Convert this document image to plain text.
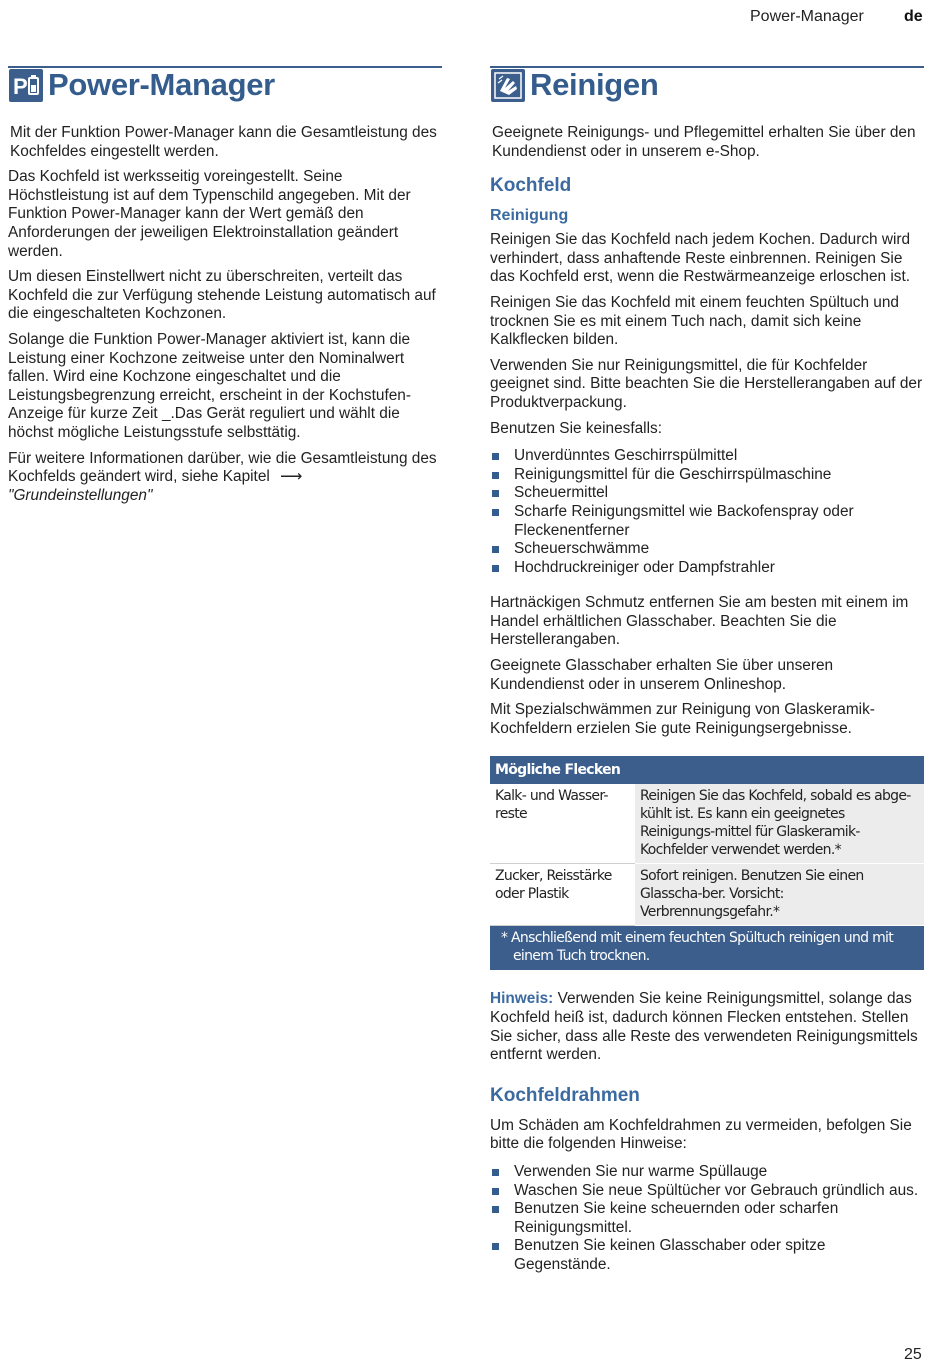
Power-Manager	de
P Power-Manager

Mit der Funktion Power-Manager kann die Gesamtleistung des Kochfeldes eingestellt werden.

Das Kochfeld ist werksseitig voreingestellt. Seine Höchstleistung ist auf dem Typenschild angegeben. Mit der Funktion Power-Manager kann der Wert gemäß den Anforderungen der jeweiligen Elektroinstallation geändert werden.

Um diesen Einstellwert nicht zu überschreiten, verteilt das Kochfeld die zur Verfügung stehende Leistung automatisch auf die eingeschalteten Kochzonen.

Solange die Funktion Power-Manager aktiviert ist, kann die Leistung einer Kochzone zeitweise unter den Nominalwert fallen. Wird eine Kochzone eingeschaltet und die Leistungsbegrenzung erreicht, erscheint in der Kochstufen-Anzeige für kurze Zeit _.Das Gerät reguliert und wählt die höchst mögliche Leistungsstufe selbsttätig.

Für weitere Informationen darüber, wie die Gesamtleistung des Kochfelds geändert wird, siehe Kapitel ⟶ "Grundeinstellungen"

Reinigen

Geeignete Reinigungs- und Pflegemittel erhalten Sie über den Kundendienst oder in unserem e-Shop.

Kochfeld
Reinigung

Reinigen Sie das Kochfeld nach jedem Kochen. Dadurch wird verhindert, dass anhaftende Reste einbrennen. Reinigen Sie das Kochfeld erst, wenn die Restwärmeanzeige erloschen ist.

Reinigen Sie das Kochfeld mit einem feuchten Spültuch und trocknen Sie es mit einem Tuch nach, damit sich keine Kalkflecken bilden.

Verwenden Sie nur Reinigungsmittel, die für Kochfelder geeignet sind. Bitte beachten Sie die Herstellerangaben auf der Produktverpackung.

Benutzen Sie keinesfalls:

Unverdünntes Geschirrspülmittel
Reinigungsmittel für die Geschirrspülmaschine
Scheuermittel
Scharfe Reinigungsmittel wie Backofenspray oder Fleckenentferner
Scheuerschwämme
Hochdruckreiniger oder Dampfstrahler

Hartnäckigen Schmutz entfernen Sie am besten mit einem im Handel erhältlichen Glasschaber. Beachten Sie die Herstellerangaben.

Geeignete Glasschaber erhalten Sie über unseren Kundendienst oder in unserem Onlineshop.

Mit Spezialschwämmen zur Reinigung von Glaskeramik-Kochfeldern erzielen Sie gute Reinigungsergebnisse.

Mögliche Flecken	
Kalk- und Wasser-reste	Reinigen Sie das Kochfeld, sobald es abge-kühlt ist. Es kann ein geeignetes Reinigungs-mittel für Glaskeramik-Kochfelder verwendet werden.*
Zucker, Reisstärke oder Plastik	Sofort reinigen. Benutzen Sie einen Glasscha-ber. Vorsicht: Verbrennungsgefahr.*

* Anschließend mit einem feuchten Spültuch reinigen und mit einem Tuch trocknen.	

Hinweis: Verwenden Sie keine Reinigungsmittel, solange das Kochfeld heiß ist, dadurch können Flecken entstehen. Stellen Sie sicher, dass alle Reste des verwendeten Reinigungsmittels entfernt werden.

Kochfeldrahmen

Um Schäden am Kochfeldrahmen zu vermeiden, befolgen Sie bitte die folgenden Hinweise:

Verwenden Sie nur warme Spüllauge
Waschen Sie neue Spültücher vor Gebrauch gründlich aus.
Benutzen Sie keine scheuernden oder scharfen Reinigungsmittel.
Benutzen Sie keinen Glasschaber oder spitze Gegenstände.
25
